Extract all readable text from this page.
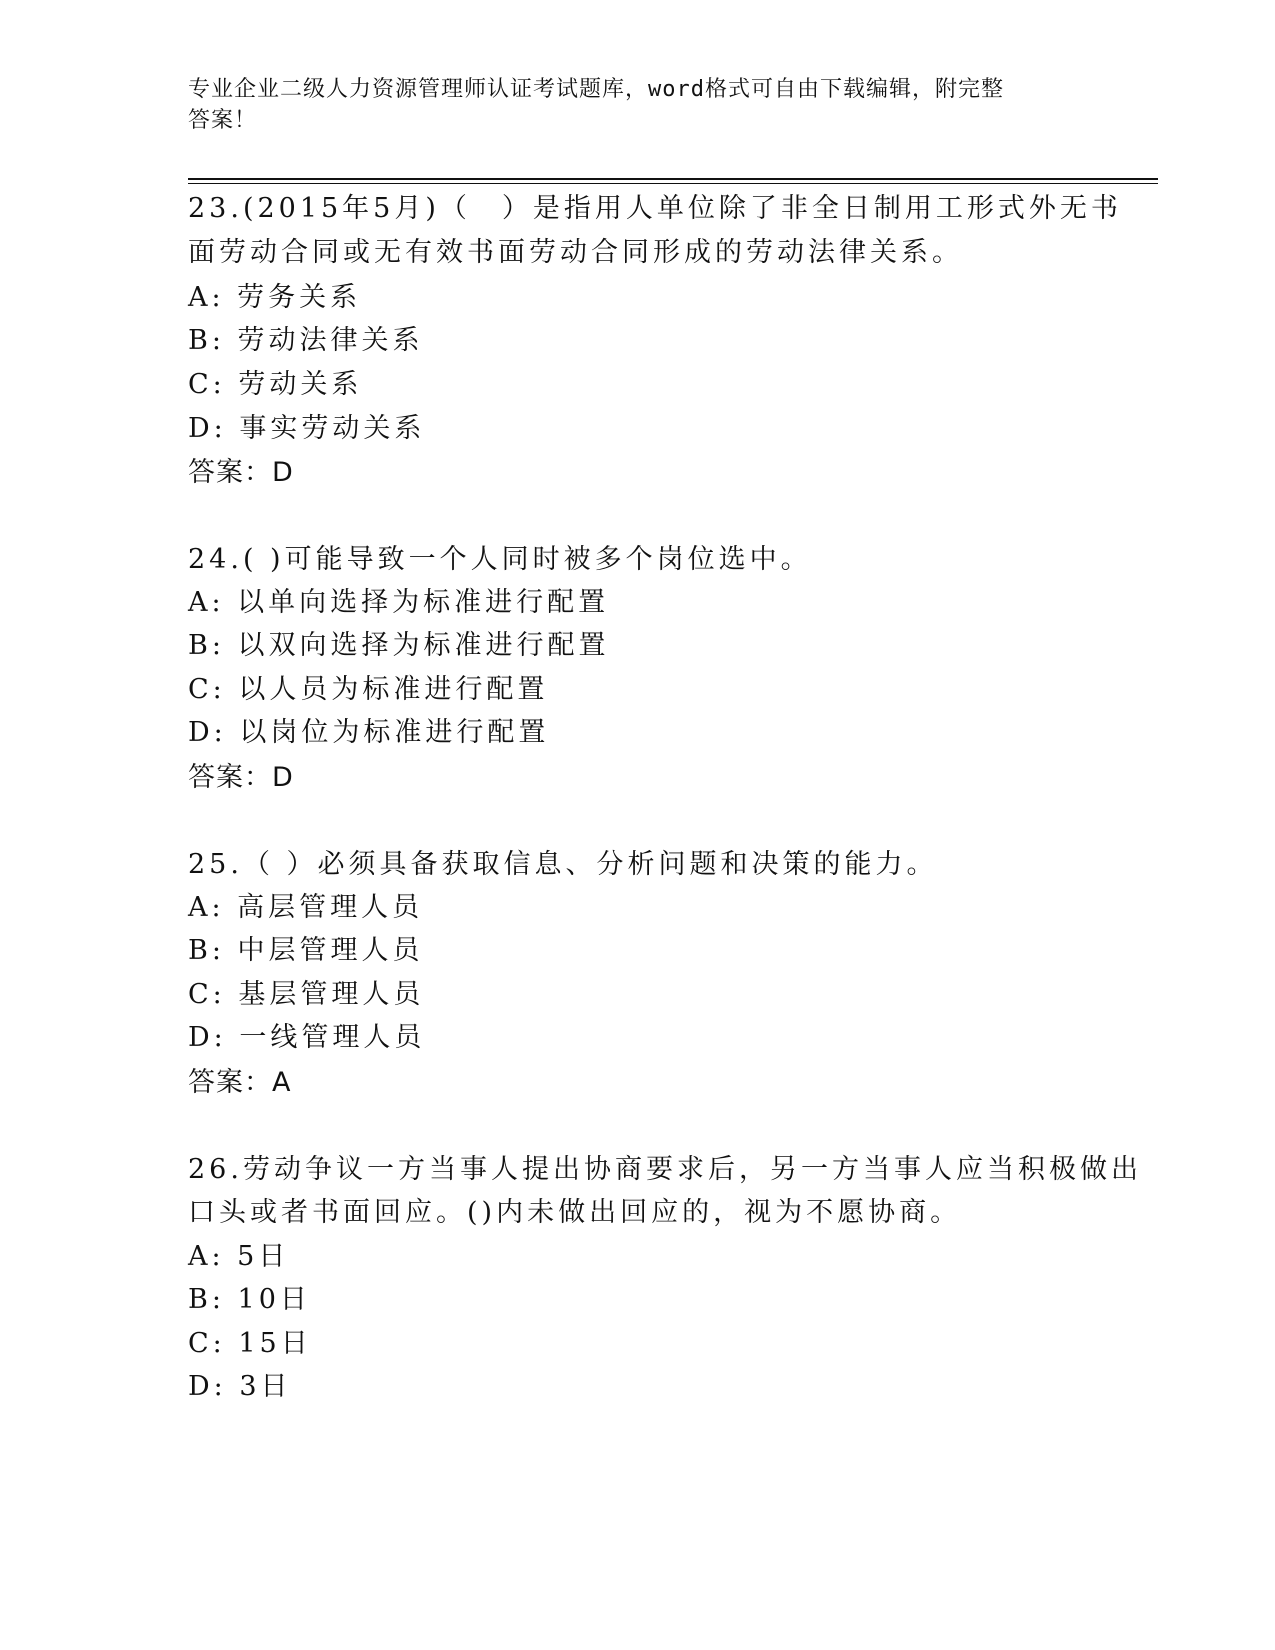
专业企业二级人力资源管理师认证考试题库，word格式可自由下载编辑，附完整
答案！
23.(2015年5月)（　）是指用人单位除了非全日制用工形式外无书
面劳动合同或无有效书面劳动合同形成的劳动法律关系。
A: 劳务关系
B: 劳动法律关系
C: 劳动关系
D: 事实劳动关系
答案：D
24.( )可能导致一个人同时被多个岗位选中。
A: 以单向选择为标准进行配置
B: 以双向选择为标准进行配置
C: 以人员为标准进行配置
D: 以岗位为标准进行配置
答案：D
25.（ ）必须具备获取信息、分析问题和决策的能力。
A: 高层管理人员
B: 中层管理人员
C: 基层管理人员
D: 一线管理人员
答案：A
26.劳动争议一方当事人提出协商要求后，另一方当事人应当积极做出
口头或者书面回应。()内未做出回应的，视为不愿协商。
A: 5日
B: 10日
C: 15日
D: 3日
